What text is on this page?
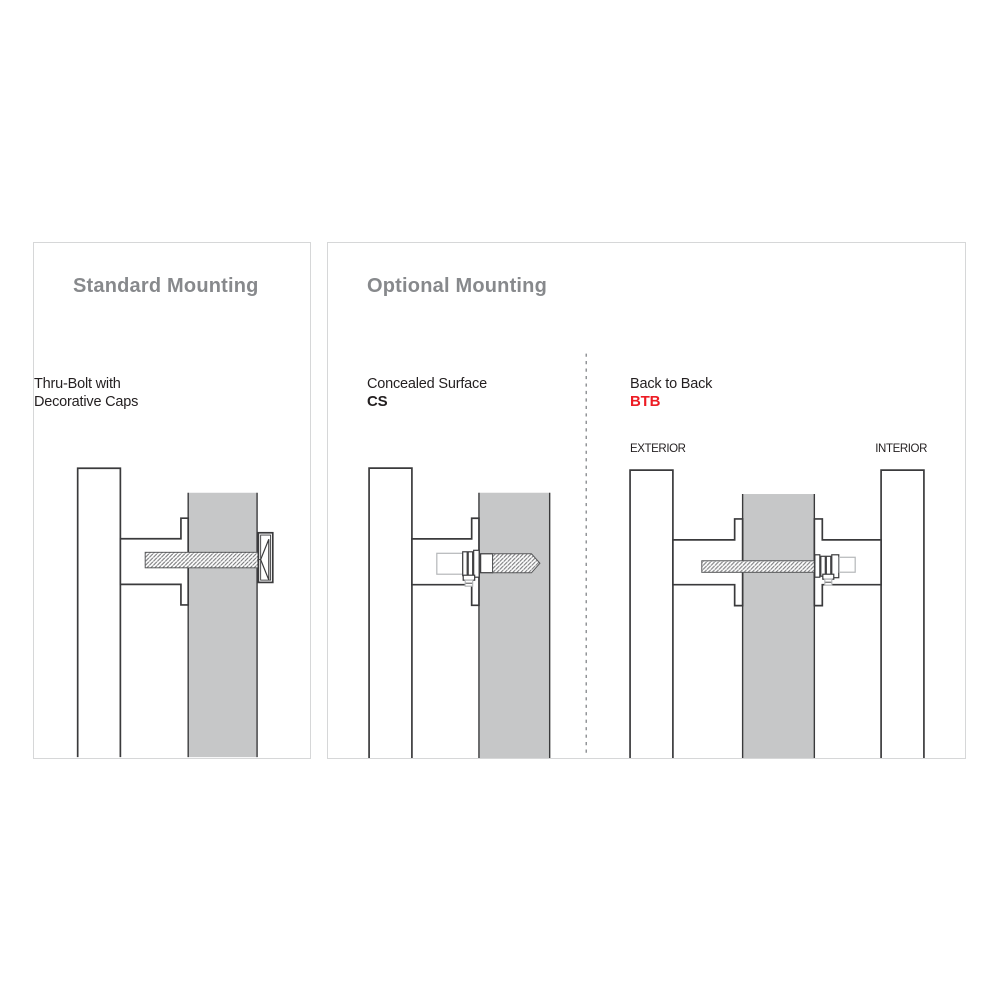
Standard Mounting
Thru-Bolt with
Decorative Caps
Optional Mounting
Concealed Surface
CS
Back to Back
BTB
EXTERIOR	INTERIOR
